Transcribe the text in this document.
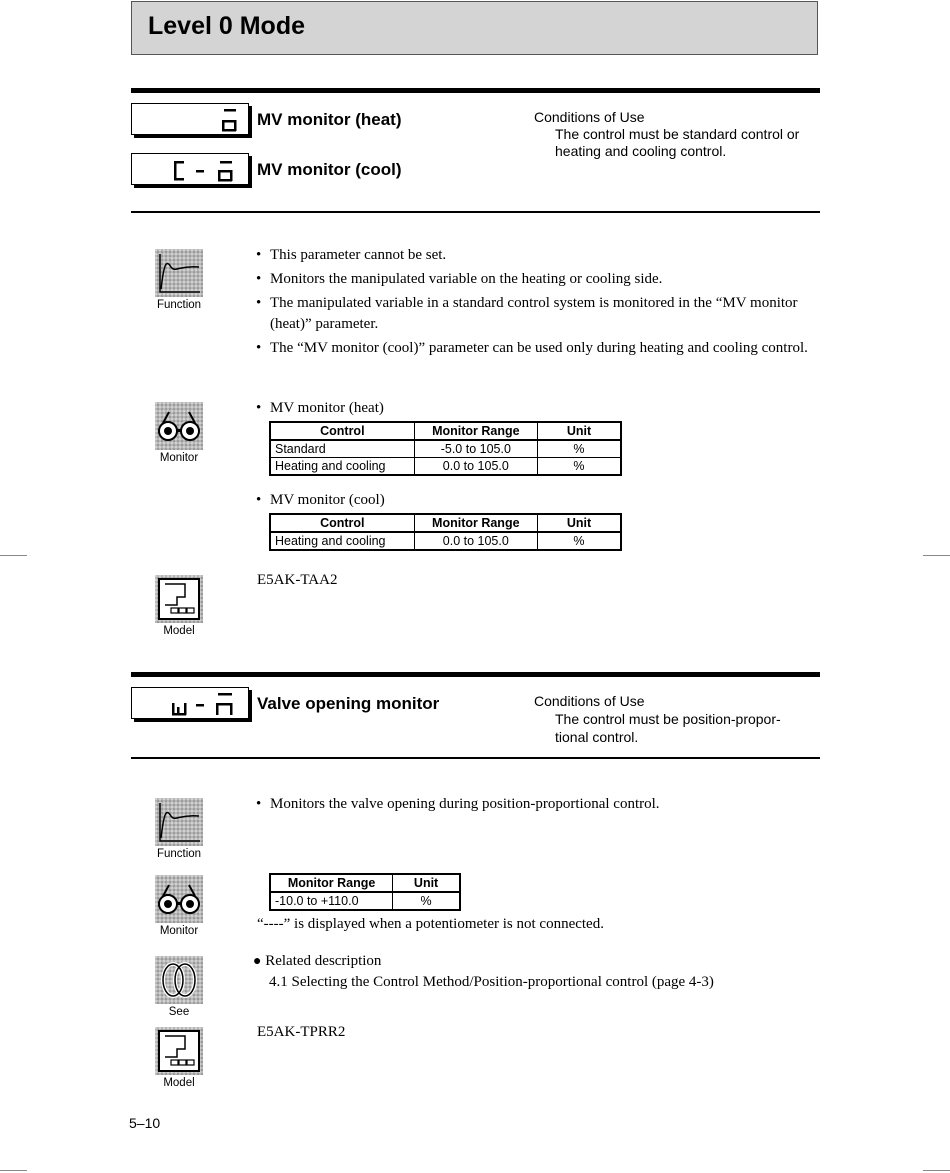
Level 0 Mode
MV monitor (heat)
MV monitor (cool)
Conditions of Use
The control must be standard control or
heating and cooling control.
Function
• This parameter cannot be set.
• Monitors the manipulated variable on the heating or cooling side.
• The manipulated variable in a standard control system is monitored in the “MV monitor (heat)” parameter.
• The “MV monitor (cool)” parameter can be used only during heating and cooling control.
Monitor
• MV monitor (heat)
Control	Monitor Range	Unit
Standard	-5.0 to 105.0	%
Heating and cooling	0.0 to 105.0	%
• MV monitor (cool)
Control	Monitor Range	Unit
Heating and cooling	0.0 to 105.0	%
Model
E5AK-TAA2
Valve opening monitor	Conditions of Use
The control must be position-propor-
tional control.
Function
• Monitors the valve opening during position-proportional control.
Monitor
Monitor Range	Unit
-10.0 to +110.0	%
“----” is displayed when a potentiometer is not connected.
See
● Related description
4.1 Selecting the Control Method/Position-proportional control (page 4-3)
Model
E5AK-TPRR2
5–10
